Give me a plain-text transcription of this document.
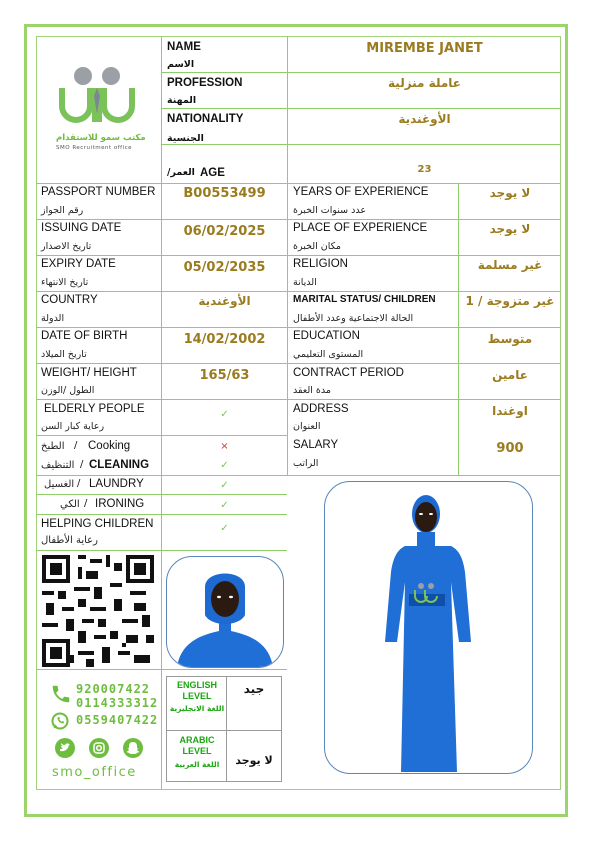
مكتب سمو للاستقدام
SMO Recruitment office
NAME
الاسم
MIREMBE JANET
PROFESSION
المهنة
عاملة منزلية
NATIONALITY
الجنسية
الأوغندية
العمر/ AGE	23
PASSPORT NUMBER
رقم الجواز
B00553499
ISSUING DATE
تاريخ الاصدار
06/02/2025
EXPIRY DATE
تاريخ الانتهاء
05/02/2035
COUNTRY
الدولة
الأوغندية
DATE OF BIRTH
تاريخ الميلاد
14/02/2002
WEIGHT/ HEIGHT
الطول /الوزن
165/63
YEARS OF EXPERIENCE
عدد سنوات الخبرة
لا يوجد
PLACE OF EXPERIENCE
مكان الخبرة
لا يوجد
RELIGION
الديانة
غير مسلمة
MARITAL STATUS/ CHILDREN
الحالة الاجتماعية وعدد الأطفال
غير متزوجة / 1
EDUCATION
المستوى التعليمي
متوسط
CONTRACT PERIOD
مدة العقد
عامين
ADDRESS
العنوان
اوغندا
SALARY
الراتب
900
ELDERLY PEOPLE
رعاية كبار السن
✓
الطبخ / Cooking	×
التنظيف / CLEANING	✓
الغسيل / LAUNDRY	✓
الكي / IRONING	✓
HELPING CHILDREN
رعاية الأطفال
✓
920007422
0114333312
0559407422
smo_office
ENGLISH LEVEL
اللغة الانجليزية
جيد
ARABIC LEVEL
اللغة العربية	لا يوجد
